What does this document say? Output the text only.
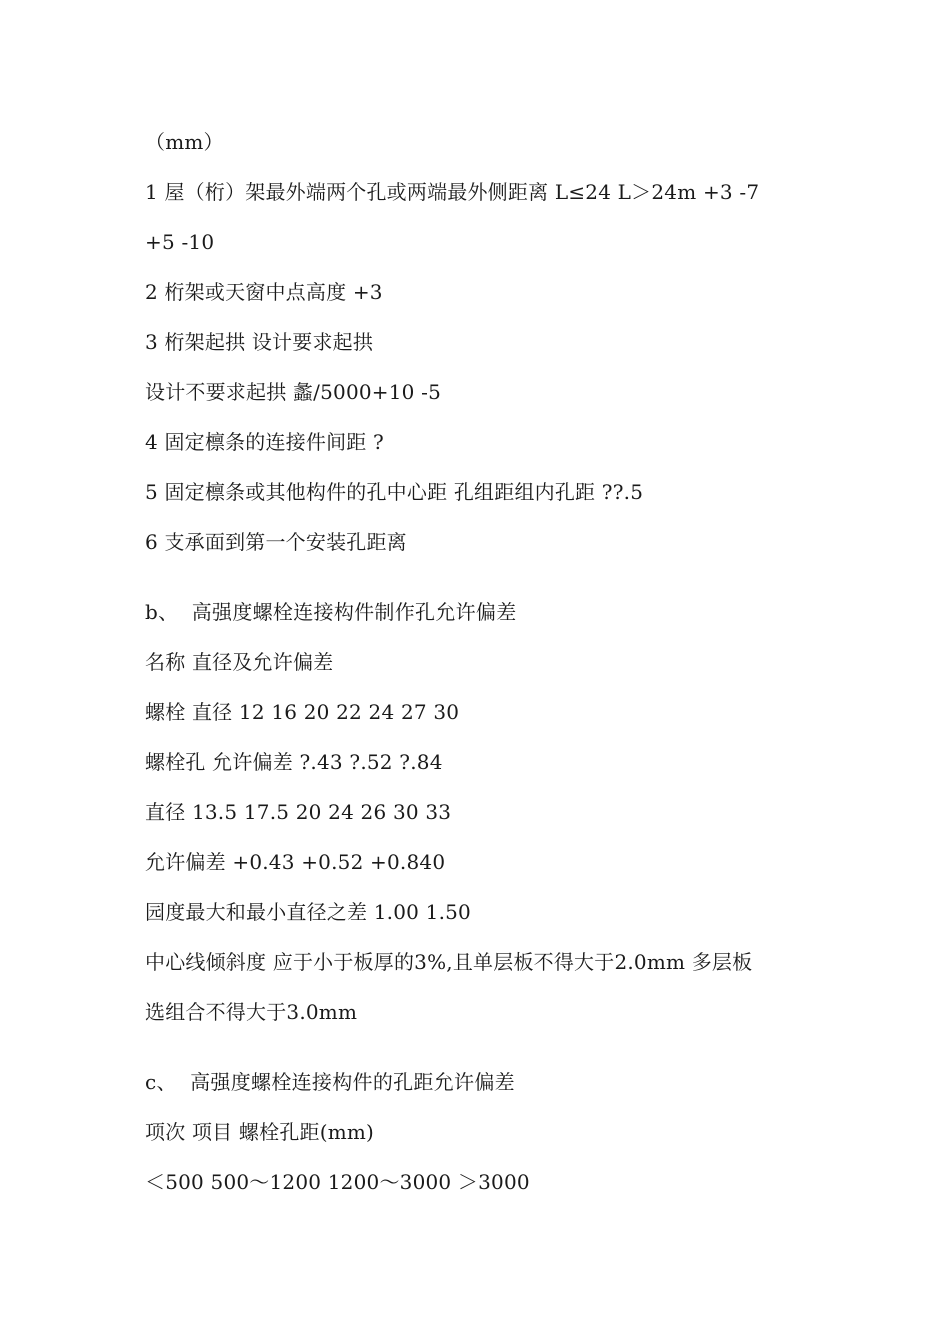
（mm）
1 屋（桁）架最外端两个孔或两端最外侧距离 L≤24 L＞24m +3 -7
+5 -10
2 桁架或天窗中点高度 +3
3 桁架起拱 设计要求起拱
设计不要求起拱 蠡/5000+10 -5
4 固定檩条的连接件间距 ?
5 固定檩条或其他构件的孔中心距 孔组距组内孔距 ??.5
6 支承面到第一个安装孔距离
b、  高强度螺栓连接构件制作孔允许偏差
名称 直径及允许偏差
螺栓 直径 12 16 20 22 24 27 30
螺栓孔 允许偏差 ?.43 ?.52 ?.84
直径 13.5 17.5 20 24 26 30 33
允许偏差 +0.43 +0.52 +0.840
园度最大和最小直径之差 1.00 1.50
中心线倾斜度 应于小于板厚的3%,且单层板不得大于2.0mm 多层板
选组合不得大于3.0mm
c、  高强度螺栓连接构件的孔距允许偏差
项次 项目 螺栓孔距(mm)
＜500 500～1200 1200～3000 ＞3000
